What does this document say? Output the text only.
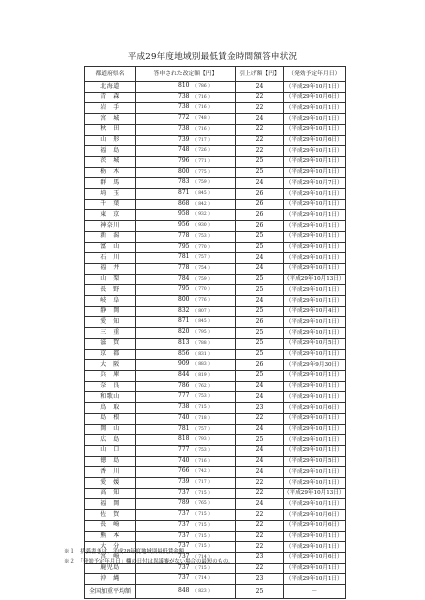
平成29年度地域別最低賃金時間額答申状況
都道府県名	答申された改定額【円】	引上げ額【円】	（発効予定年月日）
北海道	810 （ 786 ）	24	（平成29年10月1日）
青　森	738 （ 716 ）	22	（平成29年10月6日）
岩　手	738 （ 716 ）	22	（平成29年10月1日）
宮　城	772 （ 748 ）	24	（平成29年10月1日）
秋　田	738 （ 716 ）	22	（平成29年10月1日）
山　形	739 （ 717 ）	22	（平成29年10月6日）
福　島	748 （ 726 ）	22	（平成29年10月1日）
茨　城	796 （ 771 ）	25	（平成29年10月1日）
栃　木	800 （ 775 ）	25	（平成29年10月1日）
群　馬	783 （ 759 ）	24	（平成29年10月7日）
埼　玉	871 （ 845 ）	26	（平成29年10月1日）
千　葉	868 （ 842 ）	26	（平成29年10月1日）
東　京	958 （ 932 ）	26	（平成29年10月1日）
神奈川	956 （ 930 ）	26	（平成29年10月1日）
新　潟	778 （ 753 ）	25	（平成29年10月1日）
富　山	795 （ 770 ）	25	（平成29年10月1日）
石　川	781 （ 757 ）	24	（平成29年10月1日）
福　井	778 （ 754 ）	24	（平成29年10月1日）
山　梨	784 （ 759 ）	25	（平成29年10月13日）
長　野	795 （ 770 ）	25	（平成29年10月1日）
岐　阜	800 （ 776 ）	24	（平成29年10月1日）
静　岡	832 （ 807 ）	25	（平成29年10月4日）
愛　知	871 （ 845 ）	26	（平成29年10月1日）
三　重	820 （ 795 ）	25	（平成29年10月1日）
滋　賀	813 （ 788 ）	25	（平成29年10月5日）
京　都	856 （ 831 ）	25	（平成29年10月1日）
大　阪	909 （ 883 ）	26	（平成29年9月30日）
兵　庫	844 （ 819 ）	25	（平成29年10月1日）
奈　良	786 （ 762 ）	24	（平成29年10月1日）
和歌山	777 （ 753 ）	24	（平成29年10月1日）
鳥　取	738 （ 715 ）	23	（平成29年10月6日）
島　根	740 （ 718 ）	22	（平成29年10月1日）
岡　山	781 （ 757 ）	24	（平成29年10月1日）
広　島	818 （ 793 ）	25	（平成29年10月1日）
山　口	777 （ 753 ）	24	（平成29年10月1日）
徳　島	740 （ 716 ）	24	（平成29年10月5日）
香　川	766 （ 742 ）	24	（平成29年10月1日）
愛　媛	739 （ 717 ）	22	（平成29年10月1日）
高　知	737 （ 715 ）	22	（平成29年10月13日）
福　岡	789 （ 765 ）	24	（平成29年10月1日）
佐　賀	737 （ 715 ）	22	（平成29年10月6日）
長　崎	737 （ 715 ）	22	（平成29年10月6日）
熊　本	737 （ 715 ）	22	（平成29年10月1日）
大　分	737 （ 715 ）	22	（平成29年10月1日）
宮　崎	737 （ 714 ）	23	（平成29年10月6日）
鹿児島	737 （ 715 ）	22	（平成29年10月1日）
沖　縄	737 （ 714 ）	23	（平成29年10月1日）
全国加重平均額	848 （ 823 ）	25	－
※１　括弧書きは、平成28年度地域別最低賃金額
※２　「発効予定年月日」欄の日付は異議審がない場合の最短のもの。
